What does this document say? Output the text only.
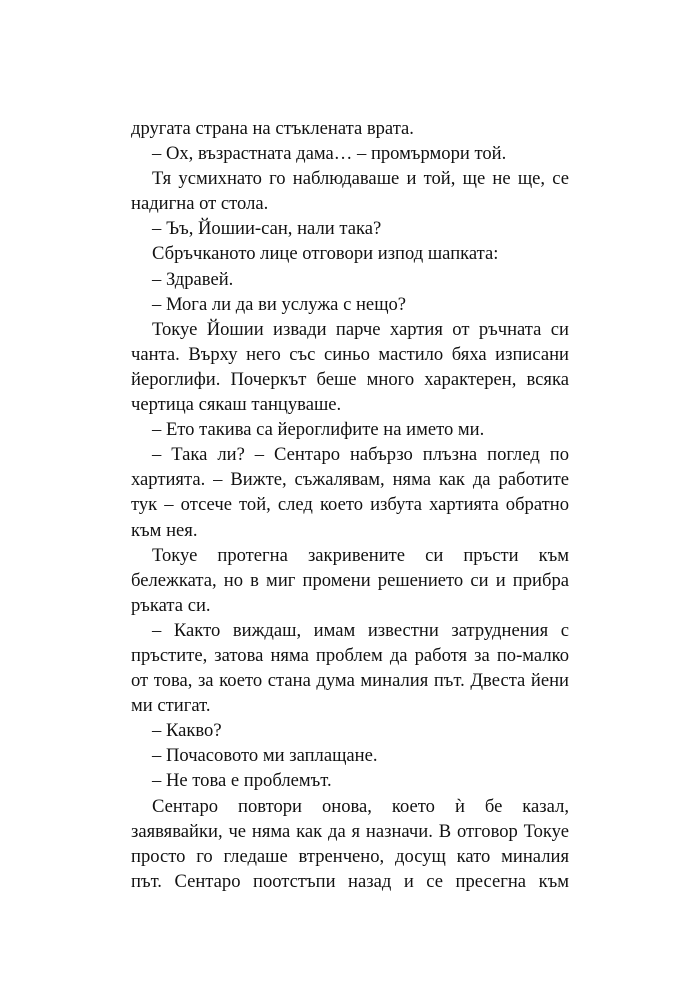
другата страна на стъклената врата.
– Ох, възрастната дама… – промърмори той.
Тя усмихнато го наблюдаваше и той, ще не ще, се
надигна от стола.
– Ъъ, Йошии-сан, нали така?
Сбръчканото лице отговори изпод шапката:
– Здравей.
– Мога ли да ви услужа с нещо?
Токуе Йошии извади парче хартия от ръчната си
чанта. Върху него със синьо мастило бяха изписани
йероглифи. Почеркът беше много характерен, всяка
чертица сякаш танцуваше.
– Ето такива са йероглифите на името ми.
– Така ли? – Сентаро набързо плъзна поглед по
хартията. – Вижте, съжалявам, няма как да работите
тук – отсече той, след което избута хартията обратно
към нея.
Токуе протегна закривените си пръсти към
бележката, но в миг промени решението си и прибра
ръката си.
– Както виждаш, имам известни затруднения с
пръстите, затова няма проблем да работя за по-малко
от това, за което стана дума миналия път. Двеста йени
ми стигат.
– Какво?
– Почасовото ми заплащане.
– Не това е проблемът.
Сентаро повтори онова, което ѝ бе казал,
заявявайки, че няма как да я назначи. В отговор Токуе
просто го гледаше втренчено, досущ като миналия
път. Сентаро поотстъпи назад и се пресегна към
